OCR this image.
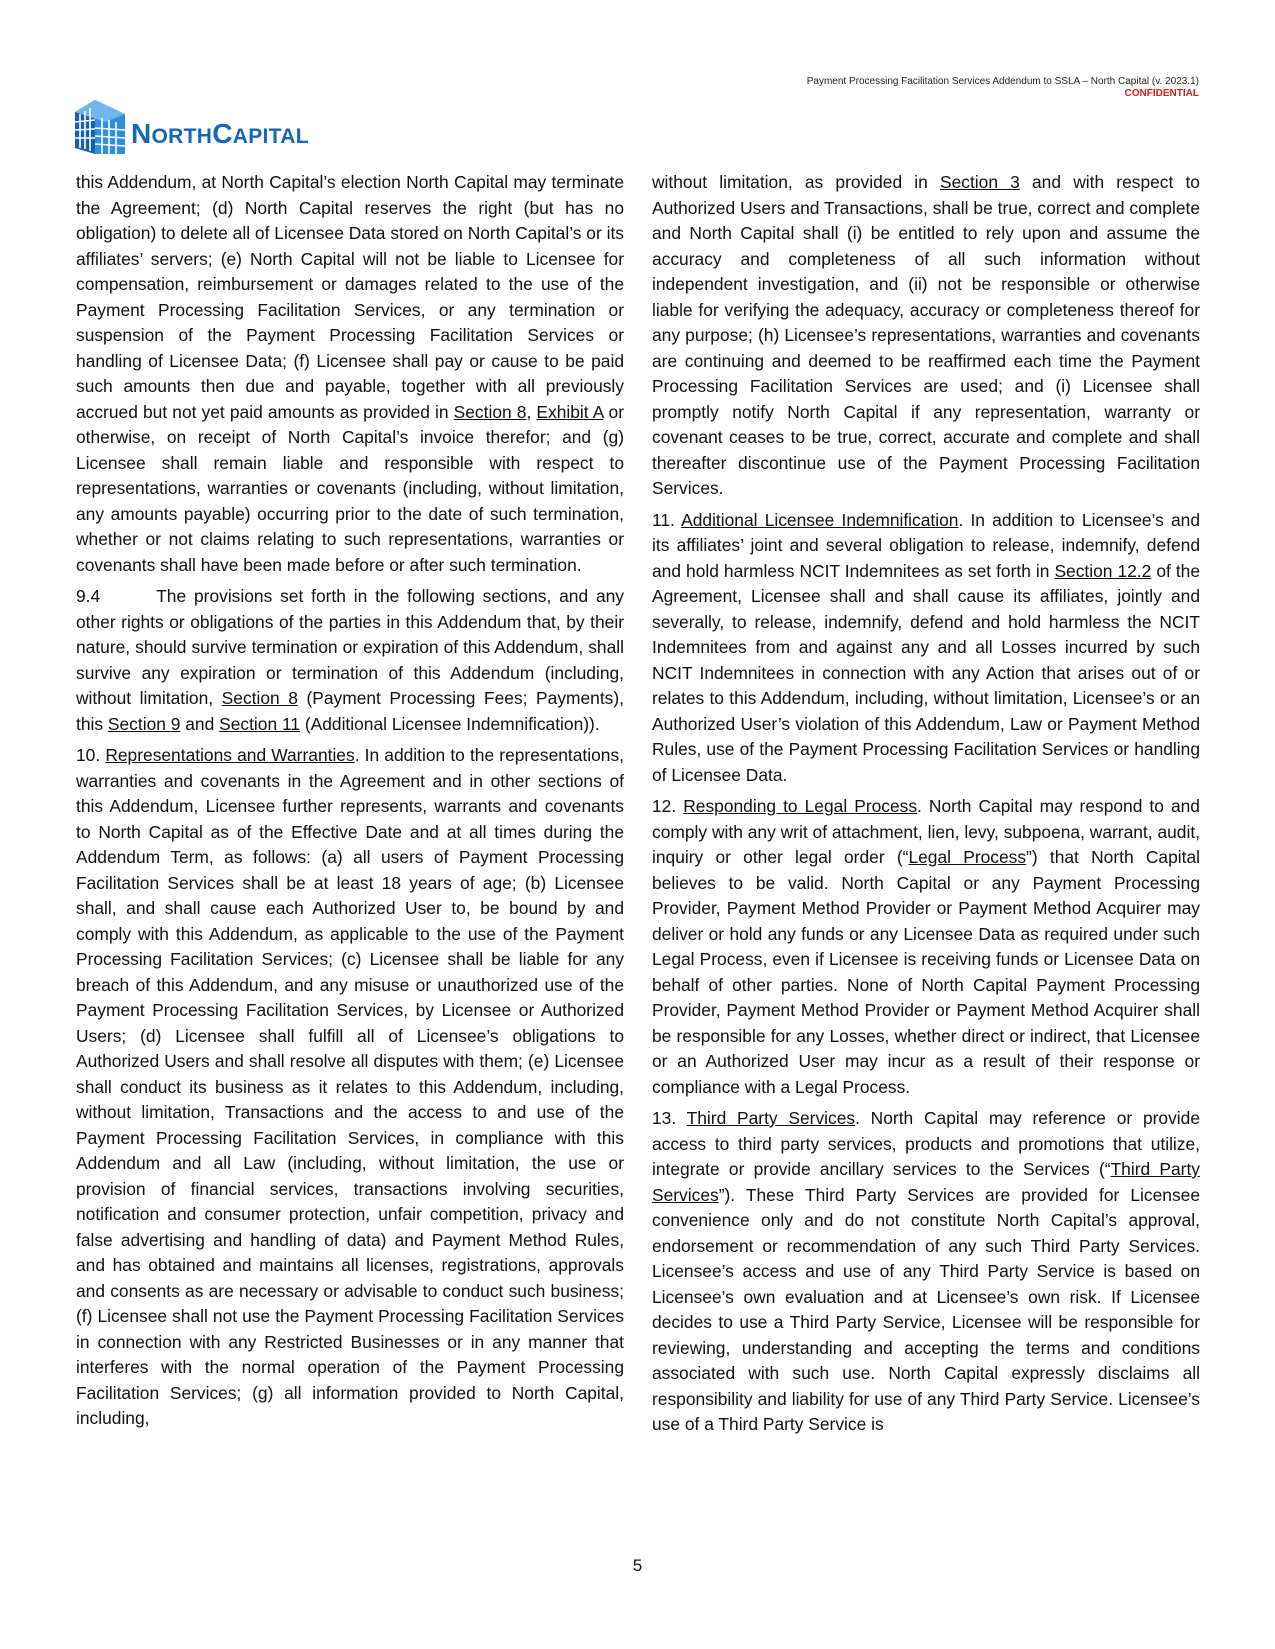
Payment Processing Facilitation Services Addendum to SSLA – North Capital (v. 2023.1)
CONFIDENTIAL
NORTHCAPITAL

this Addendum, at North Capital’s election North Capital may terminate the Agreement; (d) North Capital reserves the right (but has no obligation) to delete all of Licensee Data stored on North Capital’s or its affiliates’ servers; (e) North Capital will not be liable to Licensee for compensation, reimbursement or damages related to the use of the Payment Processing Facilitation Services, or any termination or suspension of the Payment Processing Facilitation Services or handling of Licensee Data; (f) Licensee shall pay or cause to be paid such amounts then due and payable, together with all previously accrued but not yet paid amounts as provided in Section 8, Exhibit A or otherwise, on receipt of North Capital’s invoice therefor; and (g) Licensee shall remain liable and responsible with respect to representations, warranties or covenants (including, without limitation, any amounts payable) occurring prior to the date of such termination, whether or not claims relating to such representations, warranties or covenants shall have been made before or after such termination.

9.4	The provisions set forth in the following sections, and any other rights or obligations of the parties in this Addendum that, by their nature, should survive termination or expiration of this Addendum, shall survive any expiration or termination of this Addendum (including, without limitation, Section 8 (Payment Processing Fees; Payments), this Section 9 and Section 11 (Additional Licensee Indemnification)).

10. Representations and Warranties. In addition to the representations, warranties and covenants in the Agreement and in other sections of this Addendum, Licensee further represents, warrants and covenants to North Capital as of the Effective Date and at all times during the Addendum Term, as follows: (a) all users of Payment Processing Facilitation Services shall be at least 18 years of age; (b) Licensee shall, and shall cause each Authorized User to, be bound by and comply with this Addendum, as applicable to the use of the Payment Processing Facilitation Services; (c) Licensee shall be liable for any breach of this Addendum, and any misuse or unauthorized use of the Payment Processing Facilitation Services, by Licensee or Authorized Users; (d) Licensee shall fulfill all of Licensee’s obligations to Authorized Users and shall resolve all disputes with them; (e) Licensee shall conduct its business as it relates to this Addendum, including, without limitation, Transactions and the access to and use of the Payment Processing Facilitation Services, in compliance with this Addendum and all Law (including, without limitation, the use or provision of financial services, transactions involving securities, notification and consumer protection, unfair competition, privacy and false advertising and handling of data) and Payment Method Rules, and has obtained and maintains all licenses, registrations, approvals and consents as are necessary or advisable to conduct such business; (f) Licensee shall not use the Payment Processing Facilitation Services in connection with any Restricted Businesses or in any manner that interferes with the normal operation of the Payment Processing Facilitation Services; (g) all information provided to North Capital, including,

without limitation, as provided in Section 3 and with respect to Authorized Users and Transactions, shall be true, correct and complete and North Capital shall (i) be entitled to rely upon and assume the accuracy and completeness of all such information without independent investigation, and (ii) not be responsible or otherwise liable for verifying the adequacy, accuracy or completeness thereof for any purpose; (h) Licensee’s representations, warranties and covenants are continuing and deemed to be reaffirmed each time the Payment Processing Facilitation Services are used; and (i) Licensee shall promptly notify North Capital if any representation, warranty or covenant ceases to be true, correct, accurate and complete and shall thereafter discontinue use of the Payment Processing Facilitation Services.

11. Additional Licensee Indemnification. In addition to Licensee’s and its affiliates’ joint and several obligation to release, indemnify, defend and hold harmless NCIT Indemnitees as set forth in Section 12.2 of the Agreement, Licensee shall and shall cause its affiliates, jointly and severally, to release, indemnify, defend and hold harmless the NCIT Indemnitees from and against any and all Losses incurred by such NCIT Indemnitees in connection with any Action that arises out of or relates to this Addendum, including, without limitation, Licensee’s or an Authorized User’s violation of this Addendum, Law or Payment Method Rules, use of the Payment Processing Facilitation Services or handling of Licensee Data.

12. Responding to Legal Process. North Capital may respond to and comply with any writ of attachment, lien, levy, subpoena, warrant, audit, inquiry or other legal order (“Legal Process”) that North Capital believes to be valid. North Capital or any Payment Processing Provider, Payment Method Provider or Payment Method Acquirer may deliver or hold any funds or any Licensee Data as required under such Legal Process, even if Licensee is receiving funds or Licensee Data on behalf of other parties. None of North Capital Payment Processing Provider, Payment Method Provider or Payment Method Acquirer shall be responsible for any Losses, whether direct or indirect, that Licensee or an Authorized User may incur as a result of their response or compliance with a Legal Process.

13. Third Party Services. North Capital may reference or provide access to third party services, products and promotions that utilize, integrate or provide ancillary services to the Services (“Third Party Services”). These Third Party Services are provided for Licensee convenience only and do not constitute North Capital’s approval, endorsement or recommendation of any such Third Party Services. Licensee’s access and use of any Third Party Service is based on Licensee’s own evaluation and at Licensee’s own risk. If Licensee decides to use a Third Party Service, Licensee will be responsible for reviewing, understanding and accepting the terms and conditions associated with such use. North Capital expressly disclaims all responsibility and liability for use of any Third Party Service. Licensee’s use of a Third Party Service is

5
